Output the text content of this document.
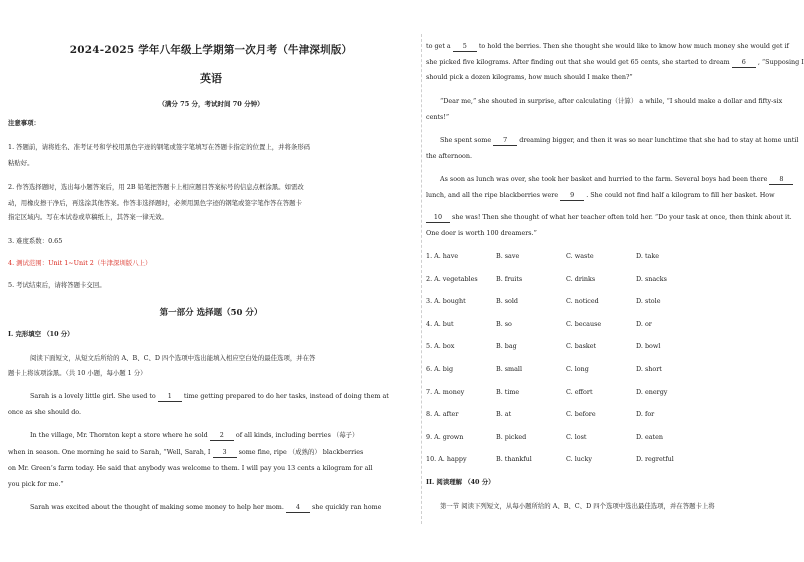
2024-2025 学年八年级上学期第一次月考（牛津深圳版）
英语
（满分 75 分，考试时间 70 分钟）
注意事项：
1. 答题前，请将姓名、准考证号和学校用黑色字迹的钢笔或签字笔填写在答题卡指定的位置上，并将条形码
粘贴好。
2. 作答选择题时，选出每小题答案后，用 2B 铅笔把答题卡上相应题目答案标号的信息点框涂黑。如需改
动，用橡皮擦干净后，再选涂其他答案。作答非选择题时，必须用黑色字迹的钢笔或签字笔作答在答题卡
指定区域内。写在本试卷或草稿纸上，其答案一律无效。
3. 难度系数：0.65
4. 测试范围：Unit 1~Unit 2（牛津深圳版八上）
5. 考试结束后，请将答题卡交回。
第一部分 选择题（50 分）
I. 完形填空 （10 分）
阅读下面短文，从短文后所给的 A、B、C、D 四个选项中选出能填入相应空白处的最佳选项，并在答
题卡上将该项涂黑。（共 10 小题，每小题 1 分）
Sarah is a lovely little girl. She used to 1 time getting prepared to do her tasks, instead of doing them at
once as she should do.
In the village, Mr. Thornton kept a store where he sold 2 of all kinds, including berries （莓子）
when in season. One morning he said to Sarah, “Well, Sarah, I 3 some fine, ripe （成熟的） blackberries
on Mr. Green’s farm today. He said that anybody was welcome to them. I will pay you 13 cents a kilogram for all
you pick for me.”
Sarah was excited about the thought of making some money to help her mom. 4 she quickly ran home
to get a 5 to hold the berries. Then she thought she would like to know how much money she would get if
she picked five kilograms. After finding out that she would get 65 cents, she started to dream 6 , “Supposing I
should pick a dozen kilograms, how much should I make then?”
“Dear me,” she shouted in surprise, after calculating（计算） a while, “I should make a dollar and fifty-six
cents!”
She spent some 7 dreaming bigger, and then it was so near lunchtime that she had to stay at home until
the afternoon.
As soon as lunch was over, she took her basket and hurried to the farm. Several boys had been there 8
lunch, and all the ripe blackberries were 9 . She could not find half a kilogram to fill her basket. How
10 she was! Then she thought of what her teacher often told her. “Do your task at once, then think about it.
One doer is worth 100 dreamers.”
1. A. have	B. save	C. waste	D. take
2. A. vegetables	B. fruits	C. drinks	D. snacks
3. A. bought	B. sold	C. noticed	D. stole
4. A. but	B. so	C. because	D. or
5. A. box	B. bag	C. basket	D. bowl
6. A. big	B. small	C. long	D. short
7. A. money	B. time	C. effort	D. energy
8. A. after	B. at	C. before	D. for
9. A. grown	B. picked	C. lost	D. eaten
10. A. happy	B. thankful	C. lucky	D. regretful
II. 阅读理解 （40 分）
第一节 阅读下列短文，从每小题所给的 A、B、C、D 四个选项中选出最佳选项，并在答题卡上将
